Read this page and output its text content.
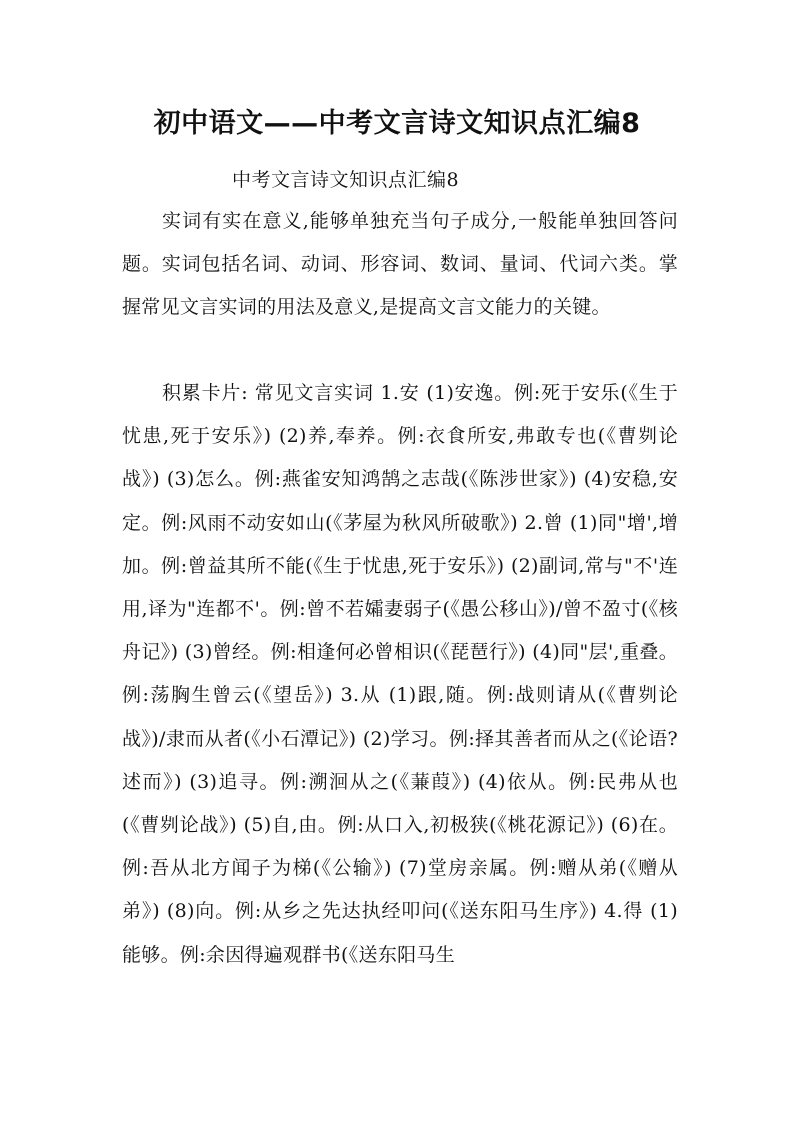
初中语文——中考文言诗文知识点汇编8
中考文言诗文知识点汇编8

实词有实在意义,能够单独充当句子成分,一般能单独回答问题。实词包括名词、动词、形容词、数词、量词、代词六类。掌握常见文言实词的用法及意义,是提高文言文能力的关键。

积累卡片: 常见文言实词 1.安 (1)安逸。例:死于安乐(《生于忧患,死于安乐》) (2)养,奉养。例:衣食所安,弗敢专也(《曹刿论战》) (3)怎么。例:燕雀安知鸿鹄之志哉(《陈涉世家》) (4)安稳,安定。例:风雨不动安如山(《茅屋为秋风所破歌》) 2.曾 (1)同"增',增加。例:曾益其所不能(《生于忧患,死于安乐》) (2)副词,常与"不'连用,译为"连都不'。例:曾不若孀妻弱子(《愚公移山》)/曾不盈寸(《核舟记》) (3)曾经。例:相逢何必曾相识(《琵琶行》) (4)同"层',重叠。例:荡胸生曾云(《望岳》) 3.从 (1)跟,随。例:战则请从(《曹刿论战》)/隶而从者(《小石潭记》) (2)学习。例:择其善者而从之(《论语?述而》) (3)追寻。例:溯洄从之(《蒹葭》) (4)依从。例:民弗从也(《曹刿论战》) (5)自,由。例:从口入,初极狭(《桃花源记》) (6)在。例:吾从北方闻子为梯(《公输》) (7)堂房亲属。例:赠从弟(《赠从弟》) (8)向。例:从乡之先达执经叩问(《送东阳马生序》) 4.得 (1)能够。例:余因得遍观群书(《送东阳马生
